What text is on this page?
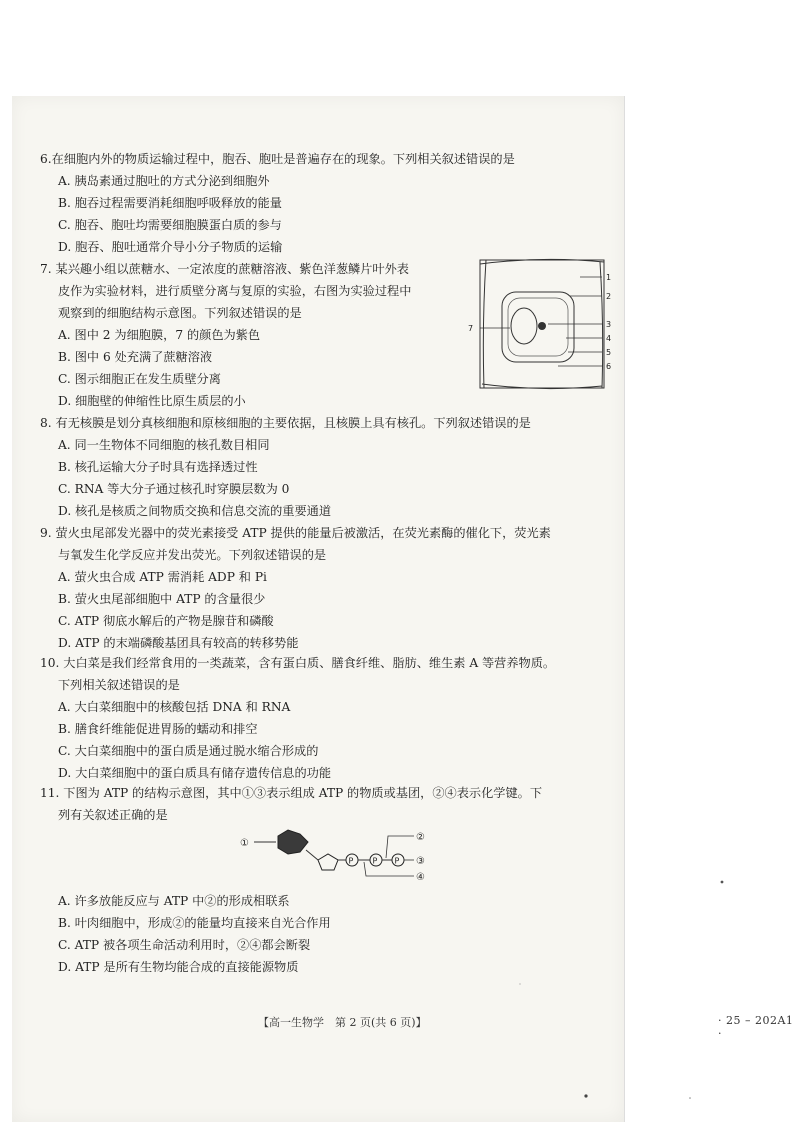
6.在细胞内外的物质运输过程中，胞吞、胞吐是普遍存在的现象。下列相关叙述错误的是
A. 胰岛素通过胞吐的方式分泌到细胞外
B. 胞吞过程需要消耗细胞呼吸释放的能量
C. 胞吞、胞吐均需要细胞膜蛋白质的参与
D. 胞吞、胞吐通常介导小分子物质的运输
7. 某兴趣小组以蔗糖水、一定浓度的蔗糖溶液、紫色洋葱鳞片叶外表
皮作为实验材料，进行质壁分离与复原的实验，右图为实验过程中
观察到的细胞结构示意图。下列叙述错误的是
A. 图中 2 为细胞膜，7 的颜色为紫色
B. 图中 6 处充满了蔗糖溶液
C. 图示细胞正在发生质壁分离
D. 细胞壁的伸缩性比原生质层的小
1
2
3
4
5
6
7
8. 有无核膜是划分真核细胞和原核细胞的主要依据，且核膜上具有核孔。下列叙述错误的是
A. 同一生物体不同细胞的核孔数目相同
B. 核孔运输大分子时具有选择透过性
C. RNA 等大分子通过核孔时穿膜层数为 0
D. 核孔是核质之间物质交换和信息交流的重要通道
9. 萤火虫尾部发光器中的荧光素接受 ATP 提供的能量后被激活，在荧光素酶的催化下，荧光素
与氧发生化学反应并发出荧光。下列叙述错误的是
A. 萤火虫合成 ATP 需消耗 ADP 和 Pi
B. 萤火虫尾部细胞中 ATP 的含量很少
C. ATP 彻底水解后的产物是腺苷和磷酸
D. ATP 的末端磷酸基团具有较高的转移势能
10. 大白菜是我们经常食用的一类蔬菜，含有蛋白质、膳食纤维、脂肪、维生素 A 等营养物质。
下列相关叙述错误的是
A. 大白菜细胞中的核酸包括 DNA 和 RNA
B. 膳食纤维能促进胃肠的蠕动和排空
C. 大白菜细胞中的蛋白质是通过脱水缩合形成的
D. 大白菜细胞中的蛋白质具有储存遗传信息的功能
11. 下图为 ATP 的结构示意图，其中①③表示组成 ATP 的物质或基团，②④表示化学键。下
列有关叙述正确的是
①
P P P
②
③
④
A. 许多放能反应与 ATP 中②的形成相联系
B. 叶肉细胞中，形成②的能量均直接来自光合作用
C. ATP 被各项生命活动利用时，②④都会断裂
D. ATP 是所有生物均能合成的直接能源物质
【高一生物学　第 2 页(共 6 页)】	· 25 – 202A1 ·
